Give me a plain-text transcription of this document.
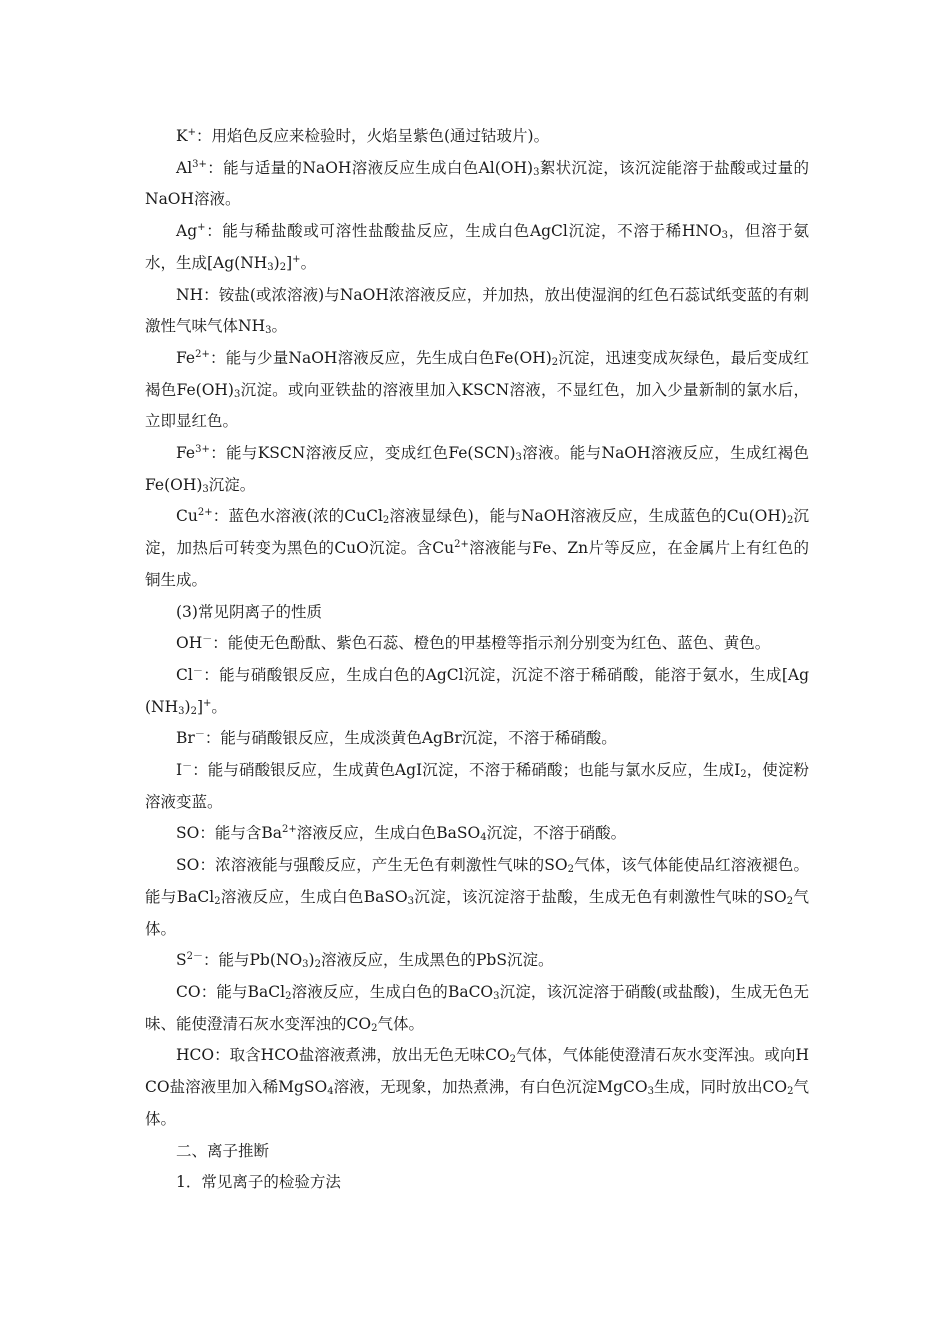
K+：用焰色反应来检验时，火焰呈紫色(通过钴玻片)。

$Al^{3+}$：能与适量的NaOH溶液反应生成白色$Al(OH)_3$絮状沉淀，该沉淀能溶于盐酸或过量的NaOH溶液。

Ag+：能与稀盐酸或可溶性盐酸盐反应，生成白色AgCl沉淀，不溶于稀$HNO_3$，但溶于氨水，生成$[Ag(NH_3)_2]^+$。

NH：铵盐(或浓溶液)与NaOH浓溶液反应，并加热，放出使湿润的红色石蕊试纸变蓝的有刺激性气味气体$NH_3$。

$Fe^{2+}$：能与少量NaOH溶液反应，先生成白色$Fe(OH)_2$沉淀，迅速变成灰绿色，最后变成红褐色$Fe(OH)_3$沉淀。或向亚铁盐的溶液里加入KSCN溶液，不显红色，加入少量新制的氯水后，立即显红色。

$Fe^{3+}$：能与KSCN溶液反应，变成红色$Fe(SCN)_3$溶液。能与NaOH溶液反应，生成红褐色$Fe(OH)_3$沉淀。

$Cu^{2+}$：蓝色水溶液(浓的CuCl$_2$溶液显绿色)，能与NaOH溶液反应，生成蓝色的$Cu(OH)_2$沉淀，加热后可转变为黑色的CuO沉淀。含$Cu^{2+}$溶液能与Fe、Zn片等反应，在金属片上有红色的铜生成。

(3)常见阴离子的性质

OH－：能使无色酚酞、紫色石蕊、橙色的甲基橙等指示剂分别变为红色、蓝色、黄色。

Cl－：能与硝酸银反应，生成白色的AgCl沉淀，沉淀不溶于稀硝酸，能溶于氨水，生成$[Ag(NH_3)_2]^+$。

Br－：能与硝酸银反应，生成淡黄色AgBr沉淀，不溶于稀硝酸。

I－：能与硝酸银反应，生成黄色AgI沉淀，不溶于稀硝酸；也能与氯水反应，生成$I_2$，使淀粉溶液变蓝。

SO：能与含$Ba^{2+}$溶液反应，生成白色BaSO$_4$沉淀，不溶于硝酸。

SO：浓溶液能与强酸反应，产生无色有刺激性气味的$SO_2$气体，该气体能使品红溶液褪色。能与BaCl$_2$溶液反应，生成白色BaSO$_3$沉淀，该沉淀溶于盐酸，生成无色有刺激性气味的$SO_2$气体。

$S^{2-}$：能与$Pb(NO_3)_2$溶液反应，生成黑色的PbS沉淀。

CO：能与BaCl$_2$溶液反应，生成白色的BaCO$_3$沉淀，该沉淀溶于硝酸(或盐酸)，生成无色无味、能使澄清石灰水变浑浊的$CO_2$气体。

HCO：取含HCO盐溶液煮沸，放出无色无味$CO_2$气体，气体能使澄清石灰水变浑浊。或向HCO盐溶液里加入稀MgSO$_4$溶液，无现象，加热煮沸，有白色沉淀MgCO$_3$生成，同时放出$CO_2$气体。

二、离子推断

1．常见离子的检验方法
